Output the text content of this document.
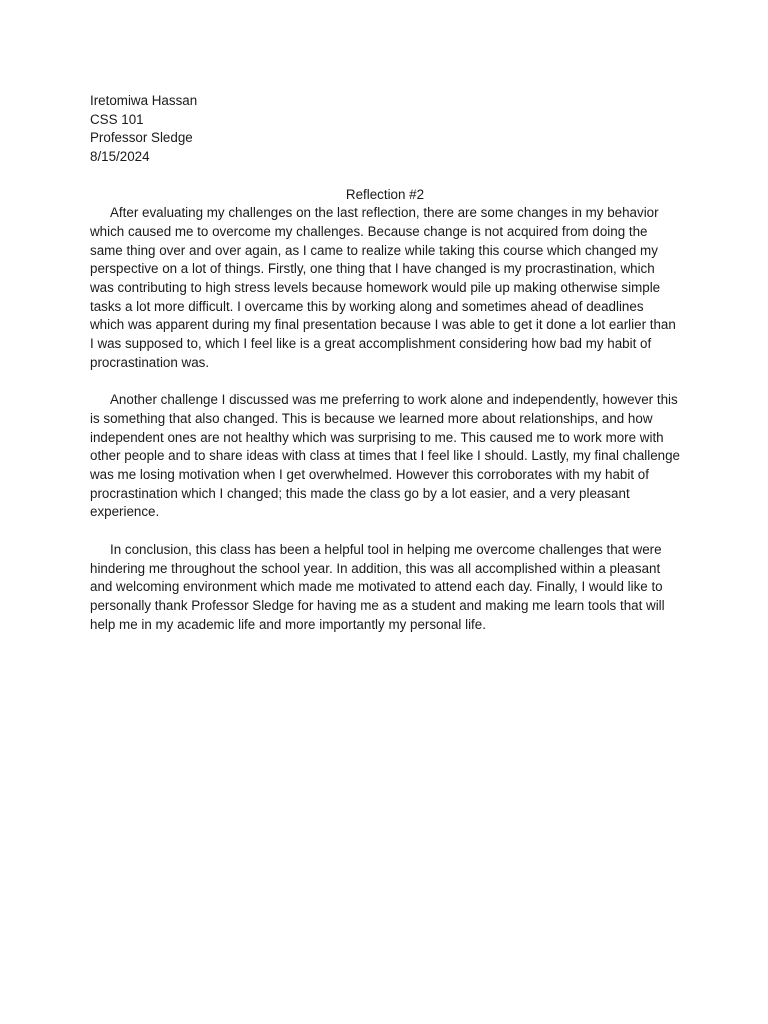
Iretomiwa Hassan
CSS 101
Professor Sledge
8/15/2024
Reflection #2

After evaluating my challenges on the last reflection, there are some changes in my behavior which caused me to overcome my challenges. Because change is not acquired from doing the same thing over and over again, as I came to realize while taking this course which changed my perspective on a lot of things. Firstly, one thing that I have changed is my procrastination, which was contributing to high stress levels because homework would pile up making otherwise simple tasks a lot more difficult. I overcame this by working along and sometimes ahead of deadlines which was apparent during my final presentation because I was able to get it done a lot earlier than I was supposed to, which I feel like is a great accomplishment considering how bad my habit of procrastination was.

Another challenge I discussed was me preferring to work alone and independently, however this is something that also changed. This is because we learned more about relationships, and how independent ones are not healthy which was surprising to me. This caused me to work more with other people and to share ideas with class at times that I feel like I should. Lastly, my final challenge was me losing motivation when I get overwhelmed. However this corroborates with my habit of procrastination which I changed; this made the class go by a lot easier, and a very pleasant experience.

In conclusion, this class has been a helpful tool in helping me overcome challenges that were hindering me throughout the school year. In addition, this was all accomplished within a pleasant and welcoming environment which made me motivated to attend each day. Finally, I would like to personally thank Professor Sledge for having me as a student and making me learn tools that will help me in my academic life and more importantly my personal life.
